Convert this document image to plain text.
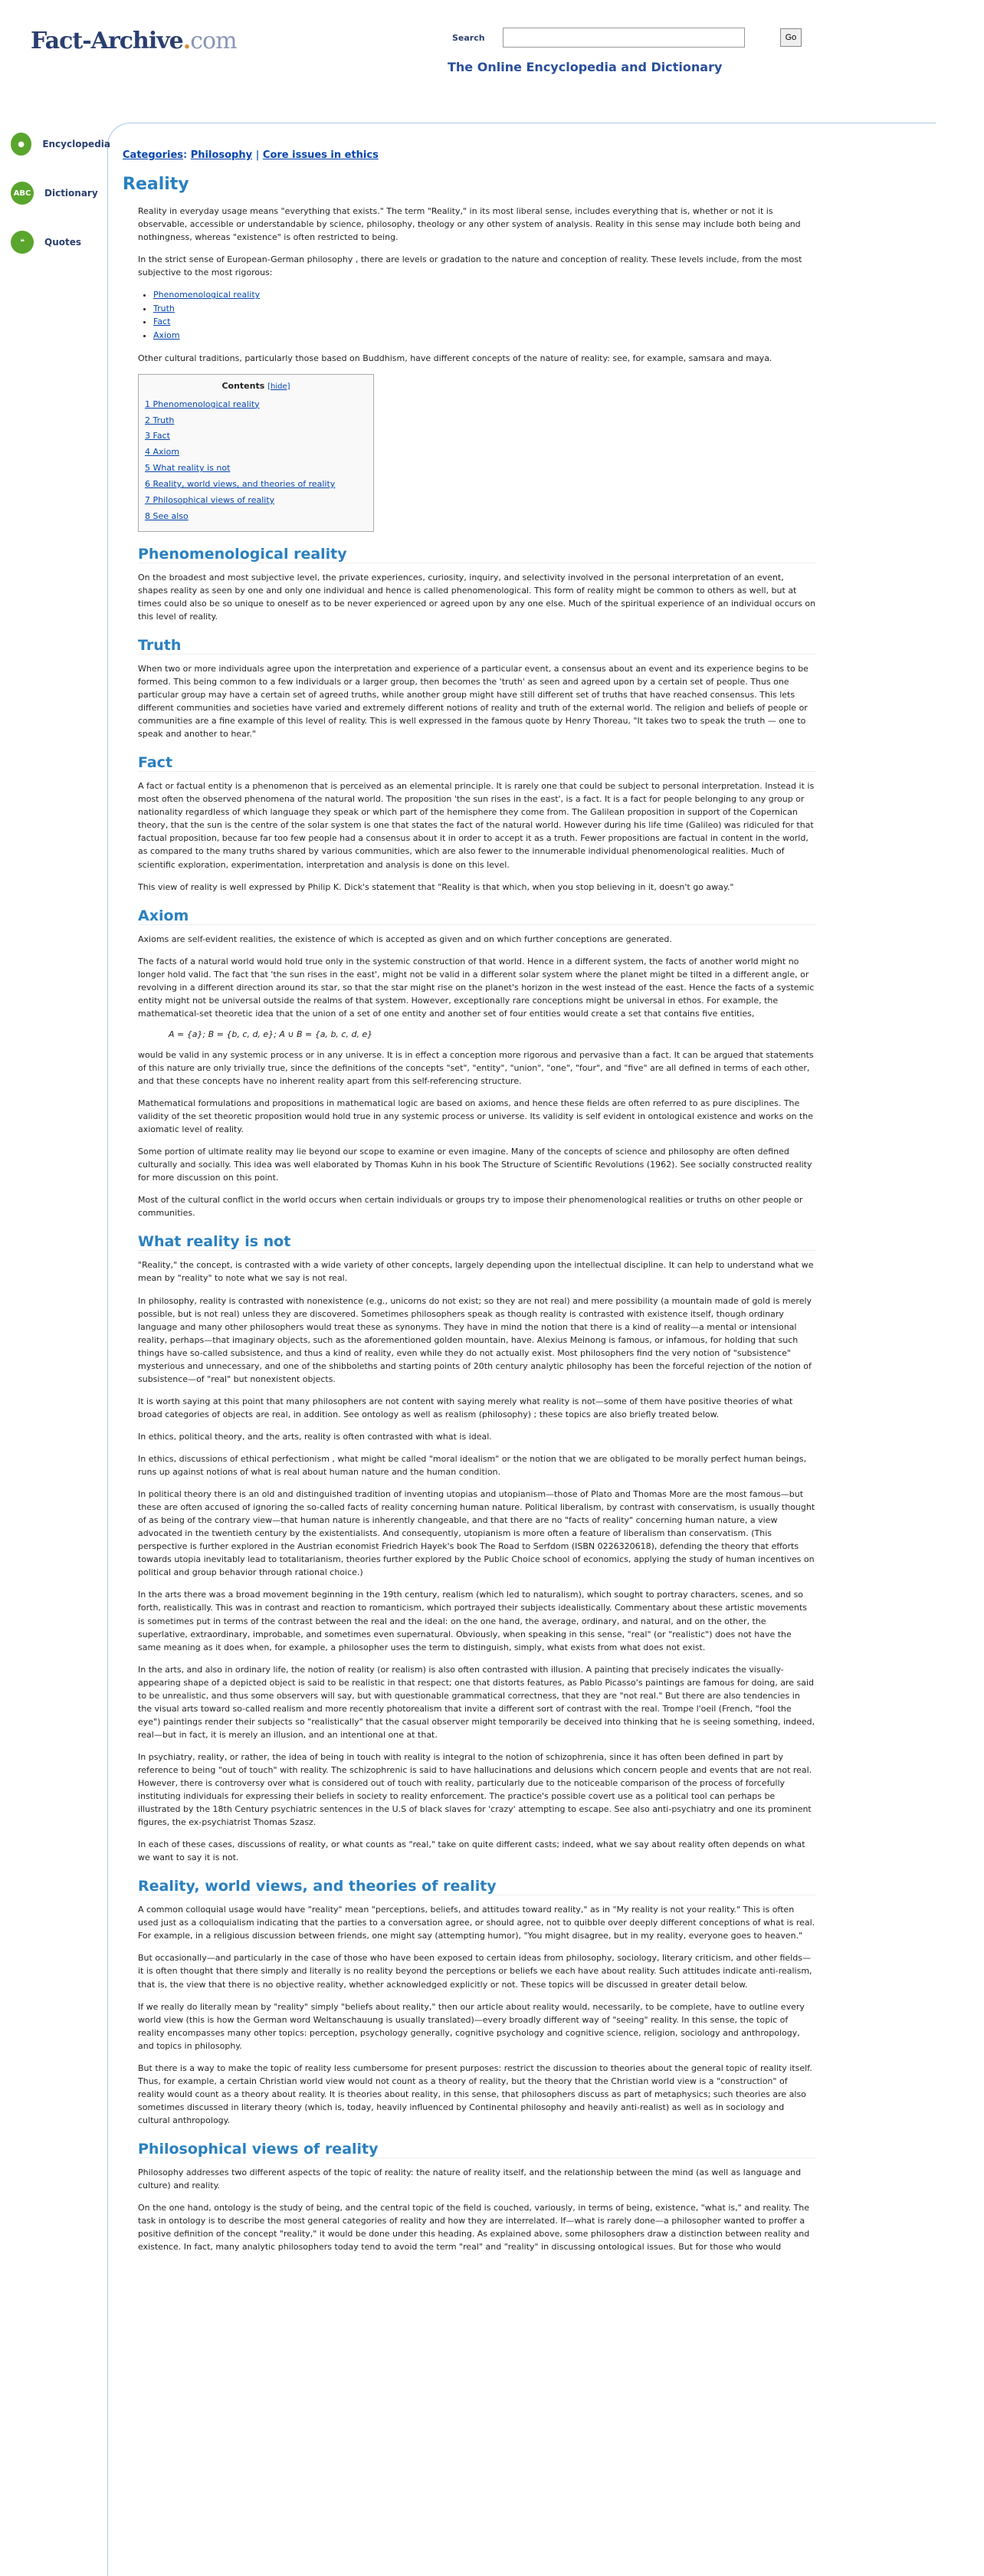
Fact-Archive.com	Search	Go
The Online Encyclopedia and Dictionary
●	Encyclopedia
ABC	Dictionary
❝	Quotes
Categories: Philosophy | Core issues in ethics
Reality

Reality in everyday usage means "everything that exists." The term "Reality," in its most liberal sense, includes everything that is, whether or not it is observable, accessible or understandable by science, philosophy, theology or any other system of analysis. Reality in this sense may include both being and nothingness, whereas "existence" is often restricted to being.

In the strict sense of European-German philosophy , there are levels or gradation to the nature and conception of reality. These levels include, from the most subjective to the most rigorous:

• Phenomenological reality
• Truth
• Fact
• Axiom

Other cultural traditions, particularly those based on Buddhism, have different concepts of the nature of reality: see, for example, samsara and maya.

Contents [hide]
1 Phenomenological reality
2 Truth
3 Fact
4 Axiom
5 What reality is not
6 Reality, world views, and theories of reality
7 Philosophical views of reality
8 See also
Phenomenological reality

On the broadest and most subjective level, the private experiences, curiosity, inquiry, and selectivity involved in the personal interpretation of an event, shapes reality as seen by one and only one individual and hence is called phenomenological. This form of reality might be common to others as well, but at times could also be so unique to oneself as to be never experienced or agreed upon by any one else. Much of the spiritual experience of an individual occurs on this level of reality.

Truth

When two or more individuals agree upon the interpretation and experience of a particular event, a consensus about an event and its experience begins to be formed. This being common to a few individuals or a larger group, then becomes the 'truth' as seen and agreed upon by a certain set of people. Thus one particular group may have a certain set of agreed truths, while another group might have still different set of truths that have reached consensus. This lets different communities and societies have varied and extremely different notions of reality and truth of the external world. The religion and beliefs of people or communities are a fine example of this level of reality. This is well expressed in the famous quote by Henry Thoreau, "It takes two to speak the truth — one to speak and another to hear."

Fact

A fact or factual entity is a phenomenon that is perceived as an elemental principle. It is rarely one that could be subject to personal interpretation. Instead it is most often the observed phenomena of the natural world. The proposition 'the sun rises in the east', is a fact. It is a fact for people belonging to any group or nationality regardless of which language they speak or which part of the hemisphere they come from. The Galilean proposition in support of the Copernican theory, that the sun is the centre of the solar system is one that states the fact of the natural world. However during his life time (Galileo) was ridiculed for that factual proposition, because far too few people had a consensus about it in order to accept it as a truth. Fewer propositions are factual in content in the world, as compared to the many truths shared by various communities, which are also fewer to the innumerable individual phenomenological realities. Much of scientific exploration, experimentation, interpretation and analysis is done on this level.

This view of reality is well expressed by Philip K. Dick's statement that "Reality is that which, when you stop believing in it, doesn't go away."

Axiom

Axioms are self-evident realities, the existence of which is accepted as given and on which further conceptions are generated.

The facts of a natural world would hold true only in the systemic construction of that world. Hence in a different system, the facts of another world might no longer hold valid. The fact that 'the sun rises in the east', might not be valid in a different solar system where the planet might be tilted in a different angle, or revolving in a different direction around its star, so that the star might rise on the planet's horizon in the west instead of the east. Hence the facts of a systemic entity might not be universal outside the realms of that system. However, exceptionally rare conceptions might be universal in ethos. For example, the mathematical-set theoretic idea that the union of a set of one entity and another set of four entities would create a set that contains five entities,

A = {a}; B = {b, c, d, e}; A ∪ B = {a, b, c, d, e}

would be valid in any systemic process or in any universe. It is in effect a conception more rigorous and pervasive than a fact. It can be argued that statements of this nature are only trivially true, since the definitions of the concepts "set", "entity", "union", "one", "four", and "five" are all defined in terms of each other, and that these concepts have no inherent reality apart from this self-referencing structure.

Mathematical formulations and propositions in mathematical logic are based on axioms, and hence these fields are often referred to as pure disciplines. The validity of the set theoretic proposition would hold true in any systemic process or universe. Its validity is self evident in ontological existence and works on the axiomatic level of reality.

Some portion of ultimate reality may lie beyond our scope to examine or even imagine. Many of the concepts of science and philosophy are often defined culturally and socially. This idea was well elaborated by Thomas Kuhn in his book The Structure of Scientific Revolutions (1962). See socially constructed reality for more discussion on this point.

Most of the cultural conflict in the world occurs when certain individuals or groups try to impose their phenomenological realities or truths on other people or communities.

What reality is not

"Reality," the concept, is contrasted with a wide variety of other concepts, largely depending upon the intellectual discipline. It can help to understand what we mean by "reality" to note what we say is not real.

In philosophy, reality is contrasted with nonexistence (e.g., unicorns do not exist; so they are not real) and mere possibility (a mountain made of gold is merely possible, but is not real) unless they are discovered. Sometimes philosophers speak as though reality is contrasted with existence itself, though ordinary language and many other philosophers would treat these as synonyms. They have in mind the notion that there is a kind of reality—a mental or intensional reality, perhaps—that imaginary objects, such as the aforementioned golden mountain, have. Alexius Meinong is famous, or infamous, for holding that such things have so-called subsistence, and thus a kind of reality, even while they do not actually exist. Most philosophers find the very notion of "subsistence" mysterious and unnecessary, and one of the shibboleths and starting points of 20th century analytic philosophy has been the forceful rejection of the notion of subsistence—of "real" but nonexistent objects.

It is worth saying at this point that many philosophers are not content with saying merely what reality is not—some of them have positive theories of what broad categories of objects are real, in addition. See ontology as well as realism (philosophy) ; these topics are also briefly treated below.

In ethics, political theory, and the arts, reality is often contrasted with what is ideal.

In ethics, discussions of ethical perfectionism , what might be called "moral idealism" or the notion that we are obligated to be morally perfect human beings, runs up against notions of what is real about human nature and the human condition.

In political theory there is an old and distinguished tradition of inventing utopias and utopianism—those of Plato and Thomas More are the most famous—but these are often accused of ignoring the so-called facts of reality concerning human nature. Political liberalism, by contrast with conservatism, is usually thought of as being of the contrary view—that human nature is inherently changeable, and that there are no "facts of reality" concerning human nature, a view advocated in the twentieth century by the existentialists. And consequently, utopianism is more often a feature of liberalism than conservatism. (This perspective is further explored in the Austrian economist Friedrich Hayek's book The Road to Serfdom (ISBN 0226320618), defending the theory that efforts towards utopia inevitably lead to totalitarianism, theories further explored by the Public Choice school of economics, applying the study of human incentives on political and group behavior through rational choice.)

In the arts there was a broad movement beginning in the 19th century, realism (which led to naturalism), which sought to portray characters, scenes, and so forth, realistically. This was in contrast and reaction to romanticism, which portrayed their subjects idealistically. Commentary about these artistic movements is sometimes put in terms of the contrast between the real and the ideal: on the one hand, the average, ordinary, and natural, and on the other, the superlative, extraordinary, improbable, and sometimes even supernatural. Obviously, when speaking in this sense, "real" (or "realistic") does not have the same meaning as it does when, for example, a philosopher uses the term to distinguish, simply, what exists from what does not exist.

In the arts, and also in ordinary life, the notion of reality (or realism) is also often contrasted with illusion. A painting that precisely indicates the visually-appearing shape of a depicted object is said to be realistic in that respect; one that distorts features, as Pablo Picasso's paintings are famous for doing, are said to be unrealistic, and thus some observers will say, but with questionable grammatical correctness, that they are "not real." But there are also tendencies in the visual arts toward so-called realism and more recently photorealism that invite a different sort of contrast with the real. Trompe l'oeil (French, "fool the eye") paintings render their subjects so "realistically" that the casual observer might temporarily be deceived into thinking that he is seeing something, indeed, real—but in fact, it is merely an illusion, and an intentional one at that.

In psychiatry, reality, or rather, the idea of being in touch with reality is integral to the notion of schizophrenia, since it has often been defined in part by reference to being "out of touch" with reality. The schizophrenic is said to have hallucinations and delusions which concern people and events that are not real. However, there is controversy over what is considered out of touch with reality, particularly due to the noticeable comparison of the process of forcefully instituting individuals for expressing their beliefs in society to reality enforcement. The practice's possible covert use as a political tool can perhaps be illustrated by the 18th Century psychiatric sentences in the U.S of black slaves for 'crazy' attempting to escape. See also anti-psychiatry and one its prominent figures, the ex-psychiatrist Thomas Szasz.

In each of these cases, discussions of reality, or what counts as "real," take on quite different casts; indeed, what we say about reality often depends on what we want to say it is not.

Reality, world views, and theories of reality

A common colloquial usage would have "reality" mean "perceptions, beliefs, and attitudes toward reality," as in "My reality is not your reality." This is often used just as a colloquialism indicating that the parties to a conversation agree, or should agree, not to quibble over deeply different conceptions of what is real. For example, in a religious discussion between friends, one might say (attempting humor), "You might disagree, but in my reality, everyone goes to heaven."

But occasionally—and particularly in the case of those who have been exposed to certain ideas from philosophy, sociology, literary criticism, and other fields—it is often thought that there simply and literally is no reality beyond the perceptions or beliefs we each have about reality. Such attitudes indicate anti-realism, that is, the view that there is no objective reality, whether acknowledged explicitly or not. These topics will be discussed in greater detail below.

If we really do literally mean by "reality" simply "beliefs about reality," then our article about reality would, necessarily, to be complete, have to outline every world view (this is how the German word Weltanschauung is usually translated)—every broadly different way of "seeing" reality. In this sense, the topic of reality encompasses many other topics: perception, psychology generally, cognitive psychology and cognitive science, religion, sociology and anthropology, and topics in philosophy.

But there is a way to make the topic of reality less cumbersome for present purposes: restrict the discussion to theories about the general topic of reality itself. Thus, for example, a certain Christian world view would not count as a theory of reality, but the theory that the Christian world view is a "construction" of reality would count as a theory about reality. It is theories about reality, in this sense, that philosophers discuss as part of metaphysics; such theories are also sometimes discussed in literary theory (which is, today, heavily influenced by Continental philosophy and heavily anti-realist) as well as in sociology and cultural anthropology.

Philosophical views of reality

Philosophy addresses two different aspects of the topic of reality: the nature of reality itself, and the relationship between the mind (as well as language and culture) and reality.

On the one hand, ontology is the study of being, and the central topic of the field is couched, variously, in terms of being, existence, "what is," and reality. The task in ontology is to describe the most general categories of reality and how they are interrelated. If—what is rarely done—a philosopher wanted to proffer a positive definition of the concept "reality," it would be done under this heading. As explained above, some philosophers draw a distinction between reality and existence. In fact, many analytic philosophers today tend to avoid the term "real" and "reality" in discussing ontological issues. But for those who would
